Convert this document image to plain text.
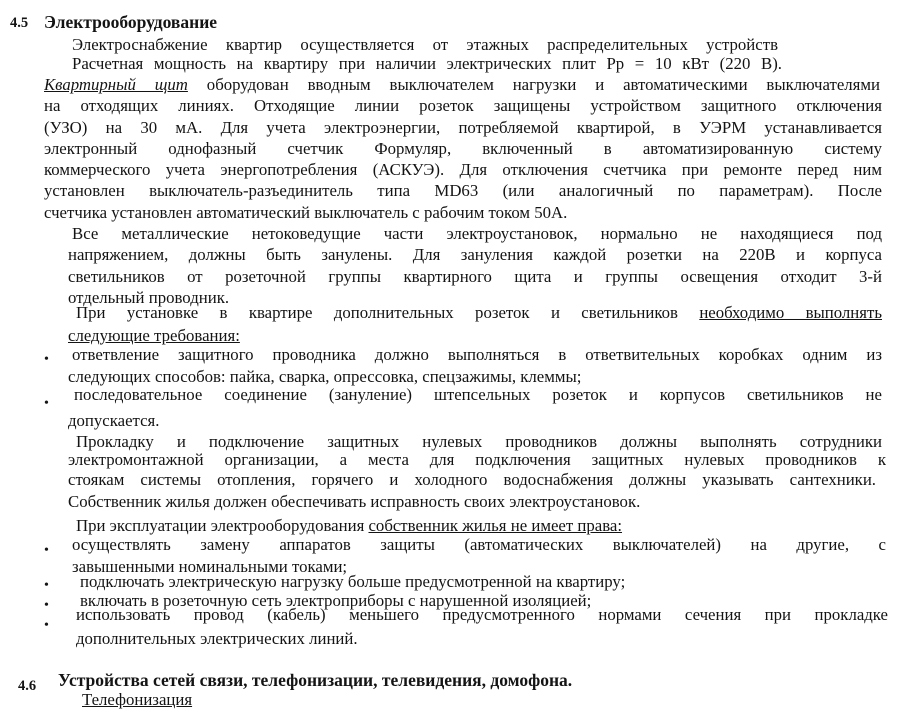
4.5 Электрооборудование
Электроснабжение квартир осуществляется от этажных распределительных устройств
Расчетная мощность на квартиру при наличии электрических плит Рр = 10 кВт (220 В).
Квартирный щит оборудован вводным выключателем нагрузки и автоматическими выключателями
на отходящих линиях. Отходящие линии розеток защищены устройством защитного отключения
(УЗО) на 30 мА. Для учета электроэнергии, потребляемой квартирой, в УЭРМ устанавливается
электронный однофазный счетчик Формуляр, включенный в автоматизированную систему
коммерческого учета энергопотребления (АСКУЭ). Для отключения счетчика при ремонте перед ним
установлен выключатель-разъединитель типа MD63 (или аналогичный по параметрам). После
счетчика установлен автоматический выключатель с рабочим током 50А.
Все металлические нетоковедущие части электроустановок, нормально не находящиеся под
напряжением, должны быть занулены. Для зануления каждой розетки на 220В и корпуса
светильников от розеточной группы квартирного щита и группы освещения отходит 3-й
отдельный проводник.
При установке в квартире дополнительных розеток и светильников необходимо выполнять
следующие требования:
• ответвление защитного проводника должно выполняться в ответвительных коробках одним из
следующих способов: пайка, сварка, опрессовка, спецзажимы, клеммы;
• последовательное соединение (зануление) штепсельных розеток и корпусов светильников не
допускается.
Прокладку и подключение защитных нулевых проводников должны выполнять сотрудники
электромонтажной организации, а места для подключения защитных нулевых проводников к
стоякам системы отопления, горячего и холодного водоснабжения должны указывать сантехники.
Собственник жилья должен обеспечивать исправность своих электроустановок.
При эксплуатации электрооборудования собственник жилья не имеет права:
• осуществлять замену аппаратов защиты (автоматических выключателей) на другие, с
завышенными номинальными токами;
• подключать электрическую нагрузку больше предусмотренной на квартиру;
• включать в розеточную сеть электроприборы с нарушенной изоляцией;
•
использовать провод (кабель) меньшего предусмотренного нормами сечения при прокладке
дополнительных электрических линий.
4.6 Устройства сетей связи, телефонизации, телевидения, домофона.
Телефонизация
